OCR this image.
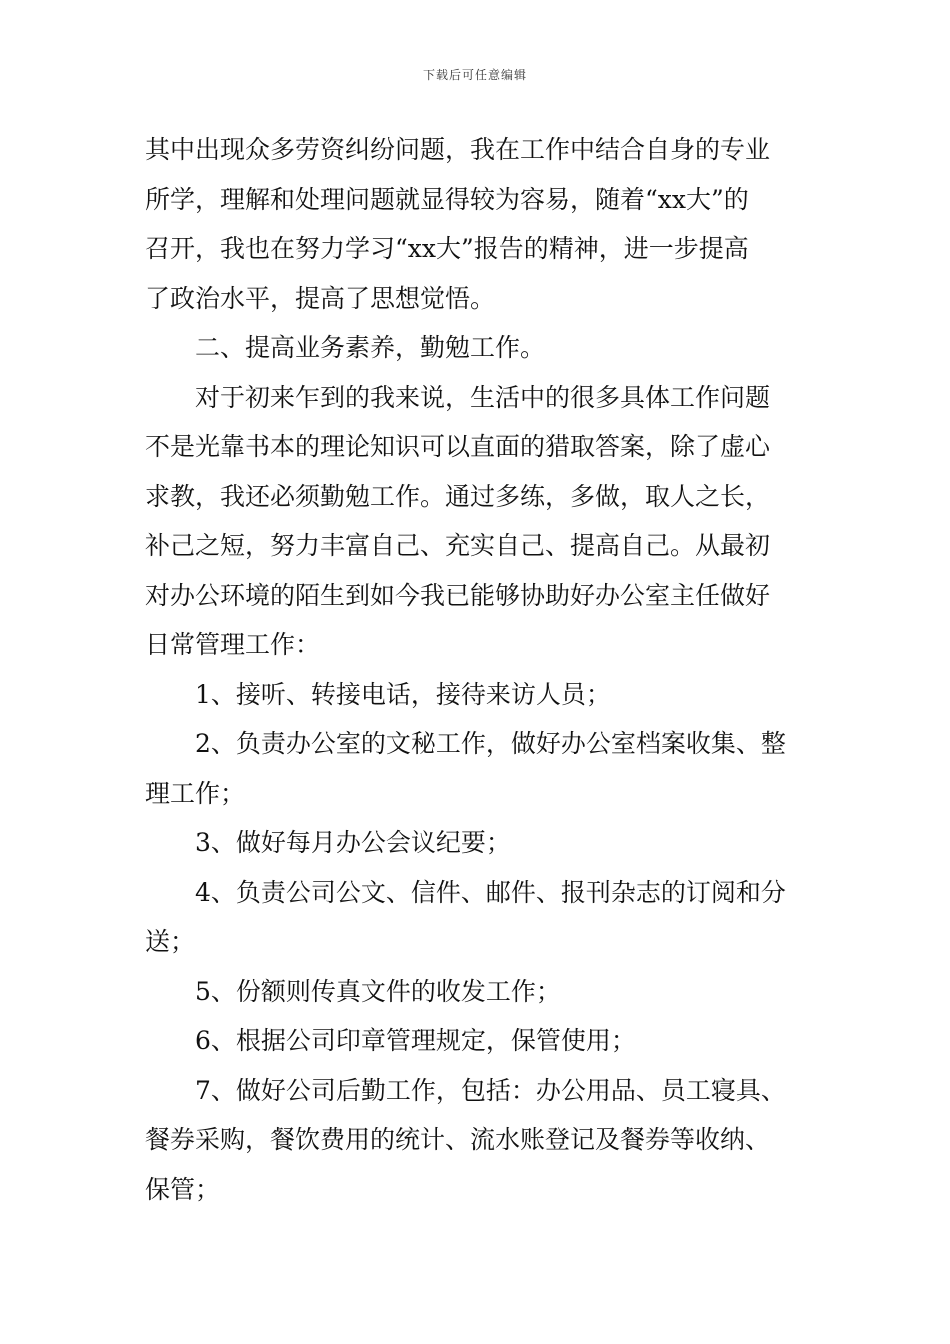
下载后可任意编辑
其中出现众多劳资纠纷问题，我在工作中结合自身的专业
所学，理解和处理问题就显得较为容易，随着“xx大”的
召开，我也在努力学习“xx大”报告的精神，进一步提高
了政治水平，提高了思想觉悟。
二、提高业务素养，勤勉工作。
对于初来乍到的我来说，生活中的很多具体工作问题
不是光靠书本的理论知识可以直面的猎取答案，除了虚心
求教，我还必须勤勉工作。通过多练，多做，取人之长，
补己之短，努力丰富自己、充实自己、提高自己。从最初
对办公环境的陌生到如今我已能够协助好办公室主任做好
日常管理工作：
1、接听、转接电话，接待来访人员；
2、负责办公室的文秘工作，做好办公室档案收集、整
理工作；
3、做好每月办公会议纪要；
4、负责公司公文、信件、邮件、报刊杂志的订阅和分
送；
5、份额则传真文件的收发工作；
6、根据公司印章管理规定，保管使用；
7、做好公司后勤工作，包括：办公用品、员工寝具、
餐券采购，餐饮费用的统计、流水账登记及餐券等收纳、
保管；
